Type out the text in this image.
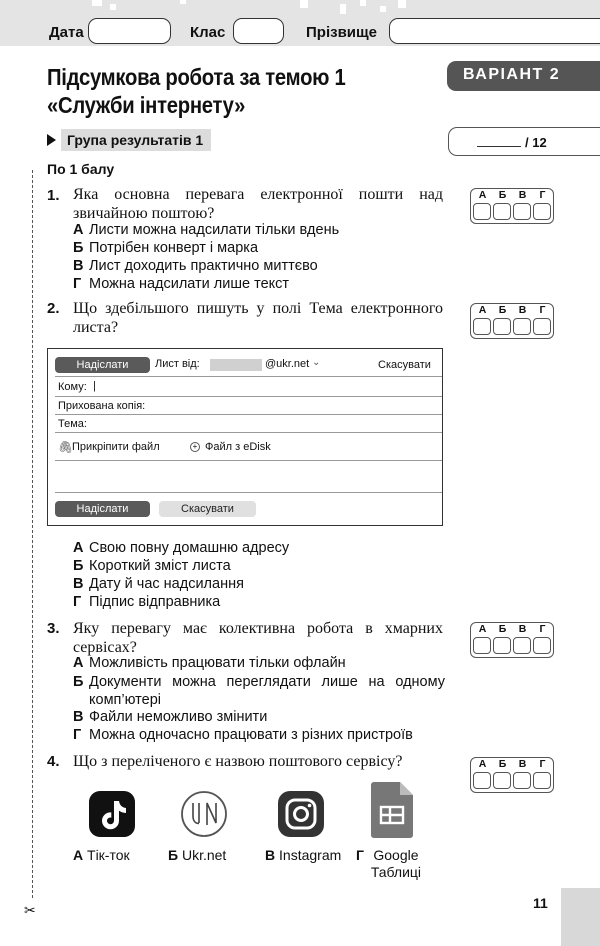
Дата	Клас	Прізвище
✂
Підсумкова робота за темою 1
«Служби інтернету»
ВАРІАНТ 2
/ 12
Група результатів 1
По 1 балу
1. Яка основна перевага електронної пошти над звичайною поштою?
А Листи можна надсилати тільки вдень
Б Потрібен конверт і марка
В Лист доходить практично миттєво
Г Можна надсилати лише текст
А	Б	В	Г
2. Що здебільшого пишуть у полі Тема електронного листа?
А	Б	В	Г
Надіслати	Лист від:	@ukr.net ⌄	Скасувати
Кому: |
Прихована копія:
Тема:
🖇
Прикріпити файл	+ Файл з eDisk
Надіслати	Скасувати
А Свою повну домашню адресу
Б Короткий зміст листа
В Дату й час надсилання
Г Підпис відправника
3. Яку перевагу має колективна робота в хмарних сервісах?
А	Б	В	Г
А Можливість працювати тільки офлайн
Б Документи можна переглядати лише на одному комп’ютері
В Файли неможливо змінити
Г Можна одночасно працювати з різних пристроїв
4. Що з переліченого є назвою поштового сервісу?	А	Б	В	Г
А Тік-ток	Б Ukr.net	В Instagram Г Google Таблиці
11
